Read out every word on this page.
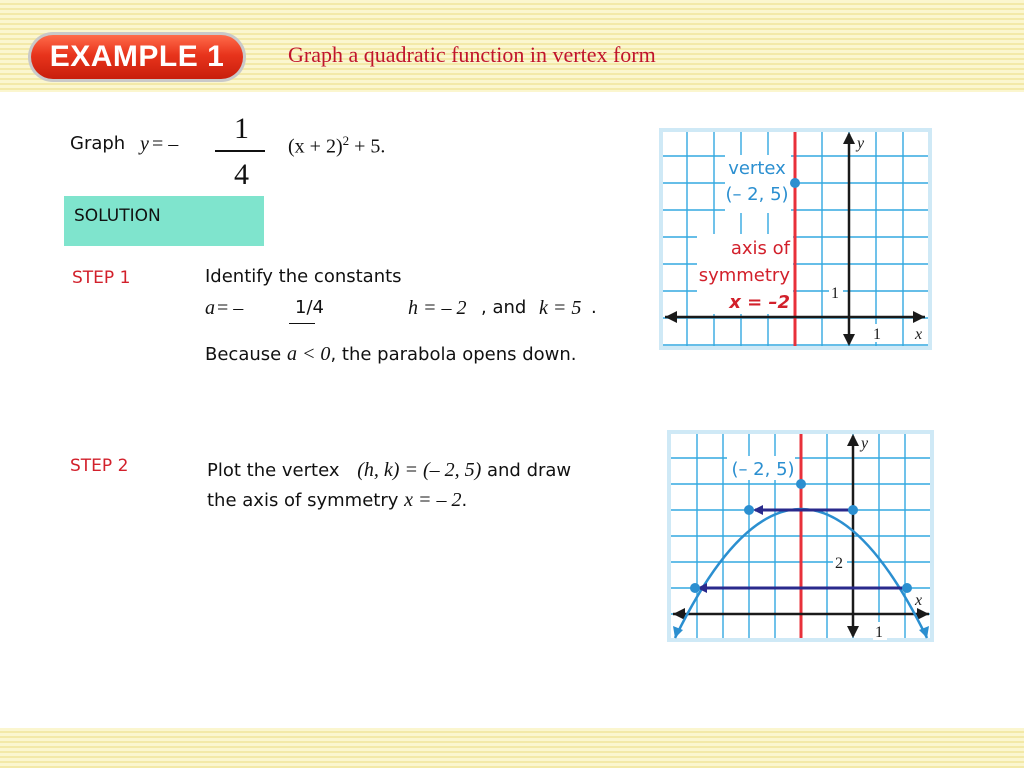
EXAMPLE 1	Graph a quadratic function in vertex form
Graph y = – 1
4
$(x + 2)^2 + 5$.
SOLUTION
STEP 1	Identify the constants
a = –	1/4	h = – 2 , and k = 5 .
Because a < 0, the parabola opens down.
STEP 2	Plot the vertex (h, k) = (– 2, 5) and draw
the axis of symmetry x = – 2.
vertex
(– 2, 5)
axis of
symmetry
x = –2
y
x
1
1
(– 2, 5)
y
x
2
1
